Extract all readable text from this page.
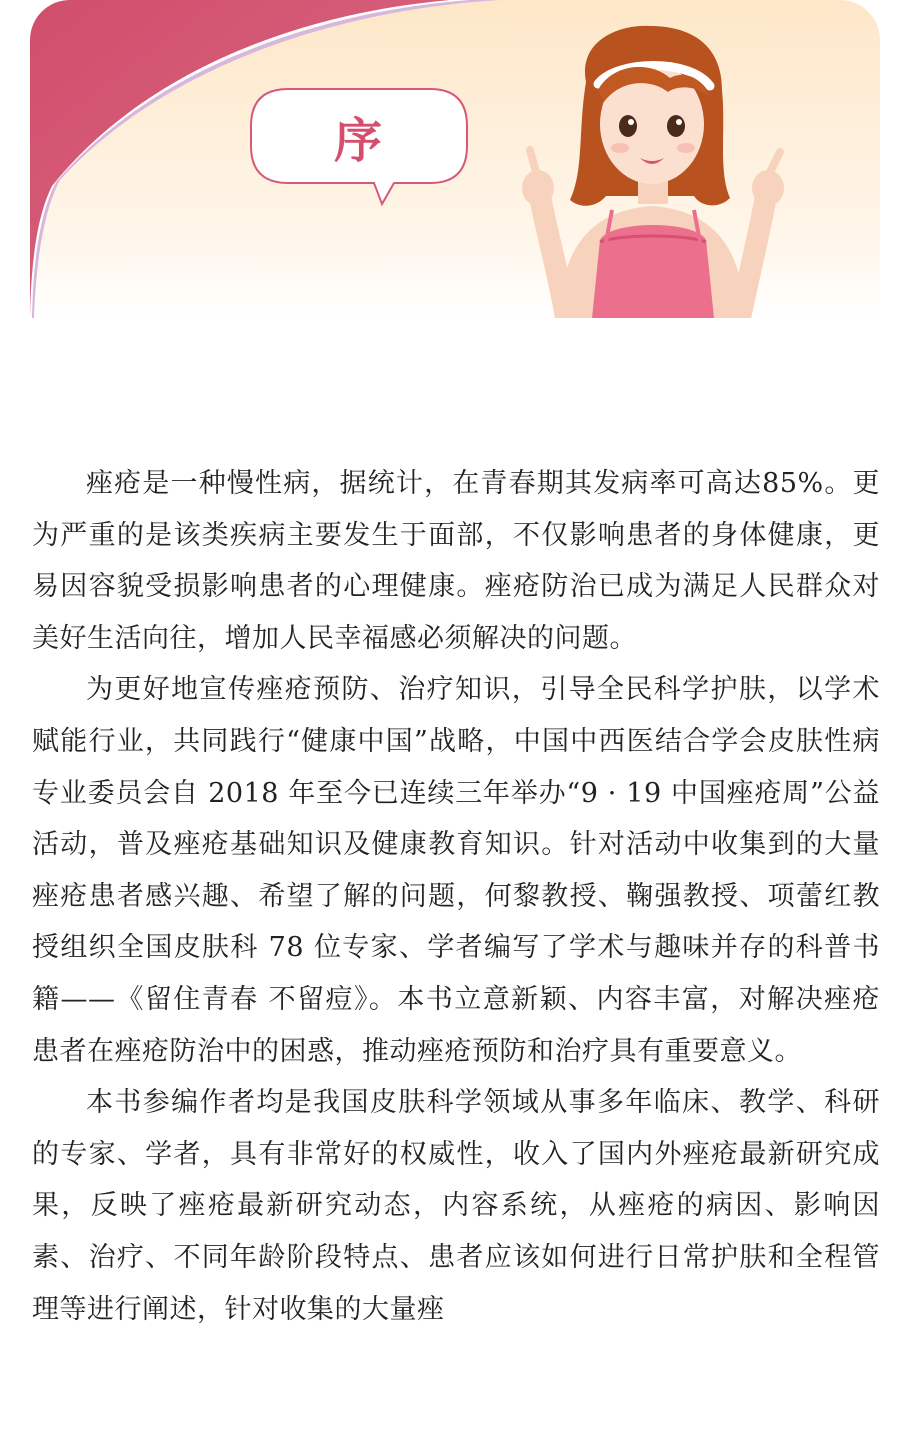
序

痤疮是一种慢性病，据统计，在青春期其发病率可高达85%。更为严重的是该类疾病主要发生于面部，不仅影响患者的身体健康，更易因容貌受损影响患者的心理健康。痤疮防治已成为满足人民群众对美好生活向往，增加人民幸福感必须解决的问题。

为更好地宣传痤疮预防、治疗知识，引导全民科学护肤，以学术赋能行业，共同践行“健康中国”战略，中国中西医结合学会皮肤性病专业委员会自 2018 年至今已连续三年举办“9 · 19 中国痤疮周”公益活动，普及痤疮基础知识及健康教育知识。针对活动中收集到的大量痤疮患者感兴趣、希望了解的问题，何黎教授、鞠强教授、项蕾红教授组织全国皮肤科 78 位专家、学者编写了学术与趣味并存的科普书籍——《留住青春 不留痘》。本书立意新颖、内容丰富，对解决痤疮患者在痤疮防治中的困惑，推动痤疮预防和治疗具有重要意义。

本书参编作者均是我国皮肤科学领域从事多年临床、教学、科研的专家、学者，具有非常好的权威性，收入了国内外痤疮最新研究成果，反映了痤疮最新研究动态，内容系统，从痤疮的病因、影响因素、治疗、不同年龄阶段特点、患者应该如何进行日常护肤和全程管理等进行阐述，针对收集的大量痤
